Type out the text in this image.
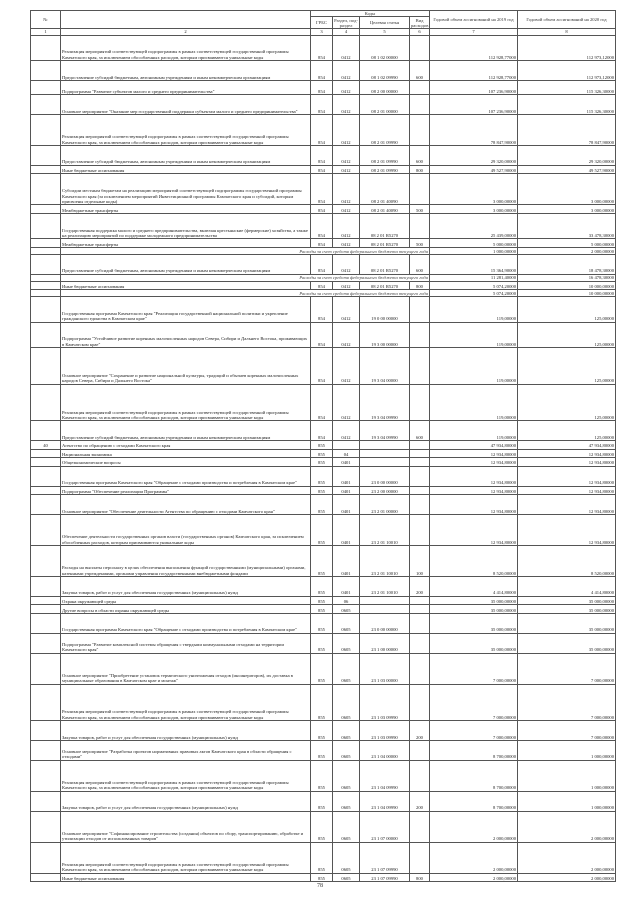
№		Коды				Годовой объем ассигнований на 2019 год	Годовой объем ассигнований на 2020 год
		ГРБС	Раздел, под-раздел	Целевая статья	Вид расходов		
1	2	3	4	5	6	7	8
	Реализация мероприятий соответствующей подпрограммы в рамках соответствующей государственной программы Камчатского края, за исключением обособленных расходов, которым присваиваются уникальные коды	854	0412	08 1 02 00000		112 928,77000	112 973,12000
	Предоставление субсидий бюджетным, автономным учреждениям и иным некоммерческим организациям	854	0412	08 1 02 09990	600	112 928,77000	112 973,12000
	Подпрограмма "Развитие субъектов малого и среднего предпринимательства"	854	0412	08 2 00 00000		107 236,90000	115 326,30000
	Основное мероприятие "Оказание мер государственной поддержки субъектам малого и среднего предпринимательства"	854	0412	08 2 01 00000		107 236,90000	115 326,30000
	Реализация мероприятий соответствующей подпрограммы в рамках соответствующей государственной программы Камчатского края, за исключением обособленных расходов, которым присваиваются уникальные коды	854	0412	08 2 01 09990		78 847,90000	78 847,90000
	Предоставление субсидий бюджетным, автономным учреждениям и иным некоммерческим организациям	854	0412	08 2 01 09990	600	29 320,00000	29 320,00000
	Иные бюджетные ассигнования	854	0412	08 2 01 09990	800	49 527,90000	49 527,90000
	Субсидии местным бюджетам на реализацию мероприятий соответствующей подпрограммы государственной программы Камчатского края (за исключением мероприятий Инвестиционной программы Камчатского края и субсидий, которым присвоены отдельные коды)	854	0412	08 2 01 40090		3 000,00000	3 000,00000
	Межбюджетные трансферты	854	0412	08 2 01 40090	500	3 000,00000	3 000,00000
	Государственная поддержка малого и среднего предпринимательства, включая крестьянские (фермерские) хозяйства, а также на реализацию мероприятий по поддержке молодежного предпринимательства	854	0412	08 2 01 R5270		25 439,00000	33 478,30000
	Межбюджетные трансферты	854	0412	08 2 01 R5270	500	5 000,00000	5 000,00000
	Расходы за счет средств федерального бюджета текущего года					1 000,00000	2 000,00000
	Предоставление субсидий бюджетным, автономным учреждениям и иным некоммерческим организациям	854	0412	08 2 01 R5270	600	15 364,90000	18 478,30000
	Расходы за счет средств федерального бюджета текущего года					11 281,40000	16 478,30000
	Иные бюджетные ассигнования	854	0412	08 2 01 R5270	800	5 074,20000	10 000,00000
	Расходы за счет средств федерального бюджета текущего года					5 074,20000	10 000,00000
	Государственная программа Камчатского края "Реализация государственной национальной политики и укрепление гражданского единства в Камчатском крае"	854	0412	19 0 00 00000		119,00000	125,00000
	Подпрограмма "Устойчивое развитие коренных малочисленных народов Севера, Сибири и Дальнего Востока, проживающих в Камчатском крае"	854	0412	19 3 00 00000		119,00000	125,00000
	Основное мероприятие "Сохранение и развитие национальной культуры, традиций и обычаев коренных малочисленных народов Севера, Сибири и Дальнего Востока"	854	0412	19 3 04 00000		119,00000	125,00000
	Реализация мероприятий соответствующей подпрограммы в рамках соответствующей государственной программы Камчатского края, за исключением обособленных расходов, которым присваиваются уникальные коды	854	0412	19 3 04 09990		119,00000	125,00000
	Предоставление субсидий бюджетным, автономным учреждениям и иным некоммерческим организациям	854	0412	19 3 04 09990	600	119,00000	125,00000
40	Агентство по обращению с отходами Камчатского края	855				47 934,80000	47 934,80000
	Национальная экономика	855	04			12 934,80000	12 934,80000
	Общеэкономические вопросы	855	0401			12 934,80000	12 934,80000
	Государственная программа Камчатского края "Обращение с отходами производства и потребления в Камчатском крае"	855	0401	23 0 00 00000		12 934,80000	12 934,80000
	Подпрограмма "Обеспечение реализации Программы"	855	0401	23 2 00 00000		12 934,80000	12 934,80000
	Основное мероприятие "Обеспечение деятельности Агентства по обращению с отходами Камчатского края"	855	0401	23 2 01 00000		12 934,80000	12 934,80000
	Обеспечение деятельности государственных органов власти (государственных органов) Камчатского края, за исключением обособленных расходов, которым присваиваются уникальные коды	855	0401	23 2 01 10010		12 934,80000	12 934,80000
	Расходы на выплаты персоналу в целях обеспечения выполнения функций государственными (муниципальными) органами, казенными учреждениями, органами управления государственными внебюджетными фондами	855	0401	23 2 01 10010	100	8 520,00000	8 520,00000
	Закупка товаров, работ и услуг для обеспечения государственных (муниципальных) нужд	855	0401	23 2 01 10010	200	4 414,80000	4 414,80000
	Охрана окружающей среды	855	06			35 000,00000	35 000,00000
	Другие вопросы в области охраны окружающей среды	855	0605			35 000,00000	35 000,00000
	Государственная программа Камчатского края "Обращение с отходами производства и потребления в Камчатском крае"	855	0605	23 0 00 00000		35 000,00000	35 000,00000
	Подпрограмма "Развитие комплексной системы обращения с твердыми коммунальными отходами на территории Камчатского края"	855	0605	23 1 00 00000		35 000,00000	35 000,00000
	Основное мероприятие "Приобретение установок термического уничтожения отходов (инсинераторов), их доставка в муниципальные образования в Камчатском крае и монтаж"	855	0605	23 1 03 00000		7 000,00000	7 000,00000
	Реализация мероприятий соответствующей подпрограммы в рамках соответствующей государственной программы Камчатского края, за исключением обособленных расходов, которым присваиваются уникальные коды	855	0605	23 1 03 09990		7 000,00000	7 000,00000
	Закупка товаров, работ и услуг для обеспечения государственных (муниципальных) нужд	855	0605	23 1 03 09990	200	7 000,00000	7 000,00000
	Основное мероприятие "Разработка проектов нормативных правовых актов Камчатского края в области обращения с отходами"	855	0605	23 1 04 00000		8 700,00000	1 000,00000
	Реализация мероприятий соответствующей подпрограммы в рамках соответствующей государственной программы Камчатского края, за исключением обособленных расходов, которым присваиваются уникальные коды	855	0605	23 1 04 09990		8 700,00000	1 000,00000
	Закупка товаров, работ и услуг для обеспечения государственных (муниципальных) нужд	855	0605	23 1 04 09990	200	8 700,00000	1 000,00000
	Основное мероприятие "Софинансирование строительства (создания) объектов по сбору, транспортированию, обработке и утилизации отходов от использованных товаров"	855	0605	23 1 07 00000		2 000,00000	2 000,00000
	Реализация мероприятий соответствующей подпрограммы в рамках соответствующей государственной программы Камчатского края, за исключением обособленных расходов, которым присваиваются уникальные коды	855	0605	23 1 07 09990		2 000,00000	2 000,00000
	Иные бюджетные ассигнования	855	0605	23 1 07 09990	800	2 000,00000	2 000,00000
78
